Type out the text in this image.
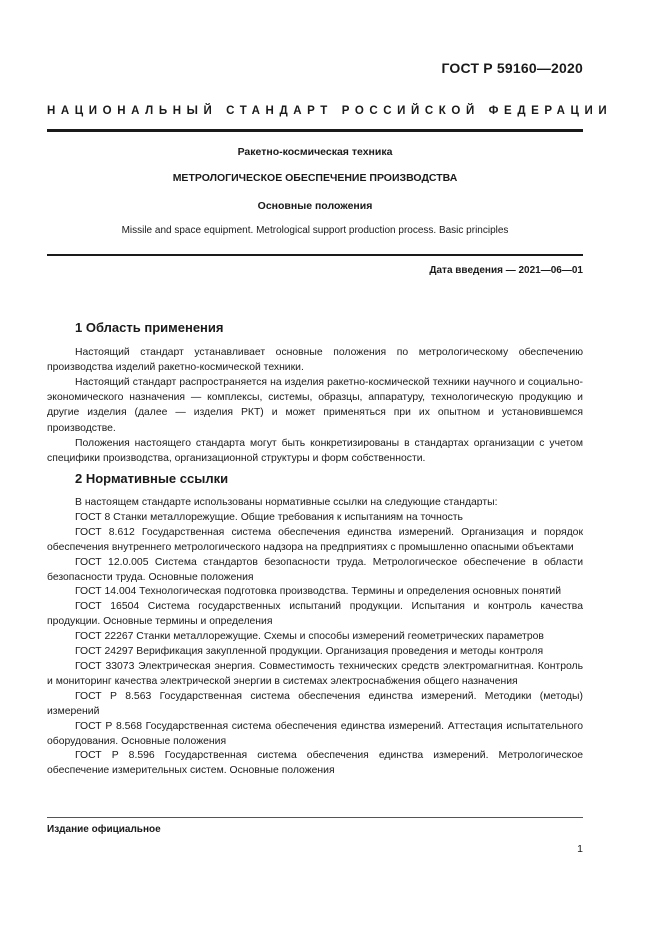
ГОСТ Р 59160—2020
НАЦИОНАЛЬНЫЙ СТАНДАРТ РОССИЙСКОЙ ФЕДЕРАЦИИ
Ракетно-космическая техника
МЕТРОЛОГИЧЕСКОЕ ОБЕСПЕЧЕНИЕ ПРОИЗВОДСТВА
Основные положения
Missile and space equipment. Metrological support production process. Basic principles
Дата введения — 2021—06—01
1 Область применения

Настоящий стандарт устанавливает основные положения по метрологическому обеспечению производства изделий ракетно-космической техники.

Настоящий стандарт распространяется на изделия ракетно-космической техники научного и социально-экономического назначения — комплексы, системы, образцы, аппаратуру, технологическую продукцию и другие изделия (далее — изделия РКТ) и может применяться при их опытном и установившемся производстве.

Положения настоящего стандарта могут быть конкретизированы в стандартах организации с учетом специфики производства, организационной структуры и форм собственности.

2 Нормативные ссылки

В настоящем стандарте использованы нормативные ссылки на следующие стандарты:

ГОСТ 8 Станки металлорежущие. Общие требования к испытаниям на точность

ГОСТ 8.612 Государственная система обеспечения единства измерений. Организация и порядок обеспечения внутреннего метрологического надзора на предприятиях с промышленно опасными объектами

ГОСТ 12.0.005 Система стандартов безопасности труда. Метрологическое обеспечение в области безопасности труда. Основные положения

ГОСТ 14.004 Технологическая подготовка производства. Термины и определения основных понятий

ГОСТ 16504 Система государственных испытаний продукции. Испытания и контроль качества продукции. Основные термины и определения

ГОСТ 22267 Станки металлорежущие. Схемы и способы измерений геометрических параметров

ГОСТ 24297 Верификация закупленной продукции. Организация проведения и методы контроля

ГОСТ 33073 Электрическая энергия. Совместимость технических средств электромагнитная. Контроль и мониторинг качества электрической энергии в системах электроснабжения общего назначения

ГОСТ Р 8.563 Государственная система обеспечения единства измерений. Методики (методы) измерений

ГОСТ Р 8.568 Государственная система обеспечения единства измерений. Аттестация испытательного оборудования. Основные положения

ГОСТ Р 8.596 Государственная система обеспечения единства измерений. Метрологическое обеспечение измерительных систем. Основные положения

Издание официальное
1
